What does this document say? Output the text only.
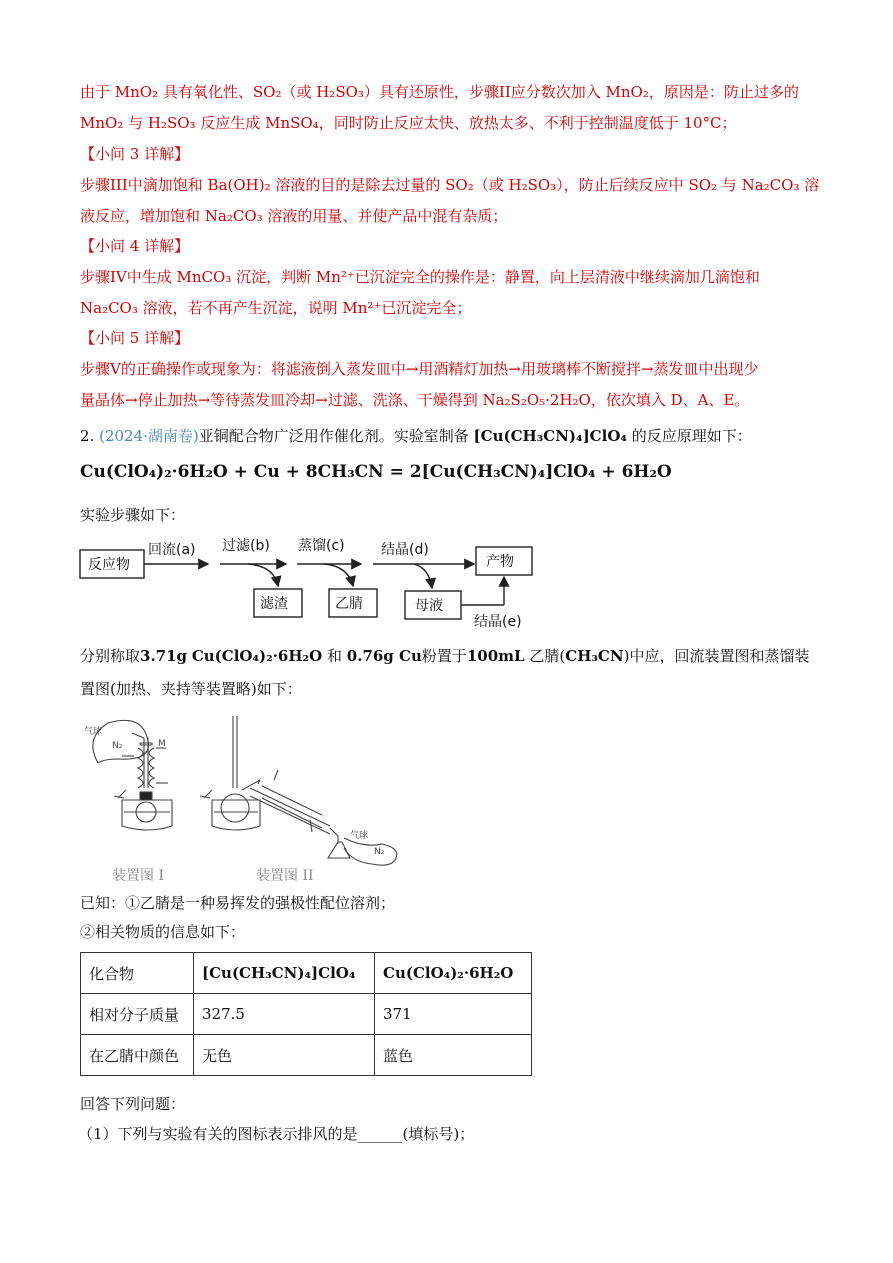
由于 MnO₂ 具有氧化性、SO₂（或 H₂SO₃）具有还原性，步骤II应分数次加入 MnO₂，原因是：防止过多的
MnO₂ 与 H₂SO₃ 反应生成 MnSO₄，同时防止反应太快、放热太多、不利于控制温度低于 10°C；
【小问 3 详解】
步骤III中滴加饱和 Ba(OH)₂ 溶液的目的是除去过量的 SO₂（或 H₂SO₃），防止后续反应中 SO₂ 与 Na₂CO₃ 溶
液反应，增加饱和 Na₂CO₃ 溶液的用量、并使产品中混有杂质；
【小问 4 详解】
步骤IV中生成 MnCO₃ 沉淀，判断 Mn²⁺已沉淀完全的操作是：静置，向上层清液中继续滴加几滴饱和
Na₂CO₃ 溶液，若不再产生沉淀，说明 Mn²⁺已沉淀完全；
【小问 5 详解】
步骤V的正确操作或现象为：将滤液倒入蒸发皿中→用酒精灯加热→用玻璃棒不断搅拌→蒸发皿中出现少
量晶体→停止加热→等待蒸发皿冷却→过滤、洗涤、干燥得到 Na₂S₂O₅·2H₂O，依次填入 D、A、E。
2. (2024·湖南卷)亚铜配合物广泛用作催化剂。实验室制备 [Cu(CH₃CN)₄]ClO₄ 的反应原理如下：
Cu(ClO₄)₂·6H₂O + Cu + 8CH₃CN = 2[Cu(CH₃CN)₄]ClO₄ + 6H₂O
实验步骤如下：
反应物
回流(a) 过滤(b) 蒸馏(c)	结晶(d)
产物
滤渣	乙腈	母液
结晶(e)
分别称取3.71g Cu(ClO₄)₂·6H₂O 和 0.76g Cu粉置于100mL 乙腈(CH₃CN)中应，回流装置图和蒸馏装
置图(加热、夹持等装置略)如下：
气球
N₂	M
气球
N₂
装置图 I	装置图 II
已知：①乙腈是一种易挥发的强极性配位溶剂；
②相关物质的信息如下：
化合物	[Cu(CH₃CN)₄]ClO₄	Cu(ClO₄)₂·6H₂O
相对分子质量	327.5	371
在乙腈中颜色	无色	蓝色
回答下列问题：
（1）下列与实验有关的图标表示排风的是______(填标号)；
